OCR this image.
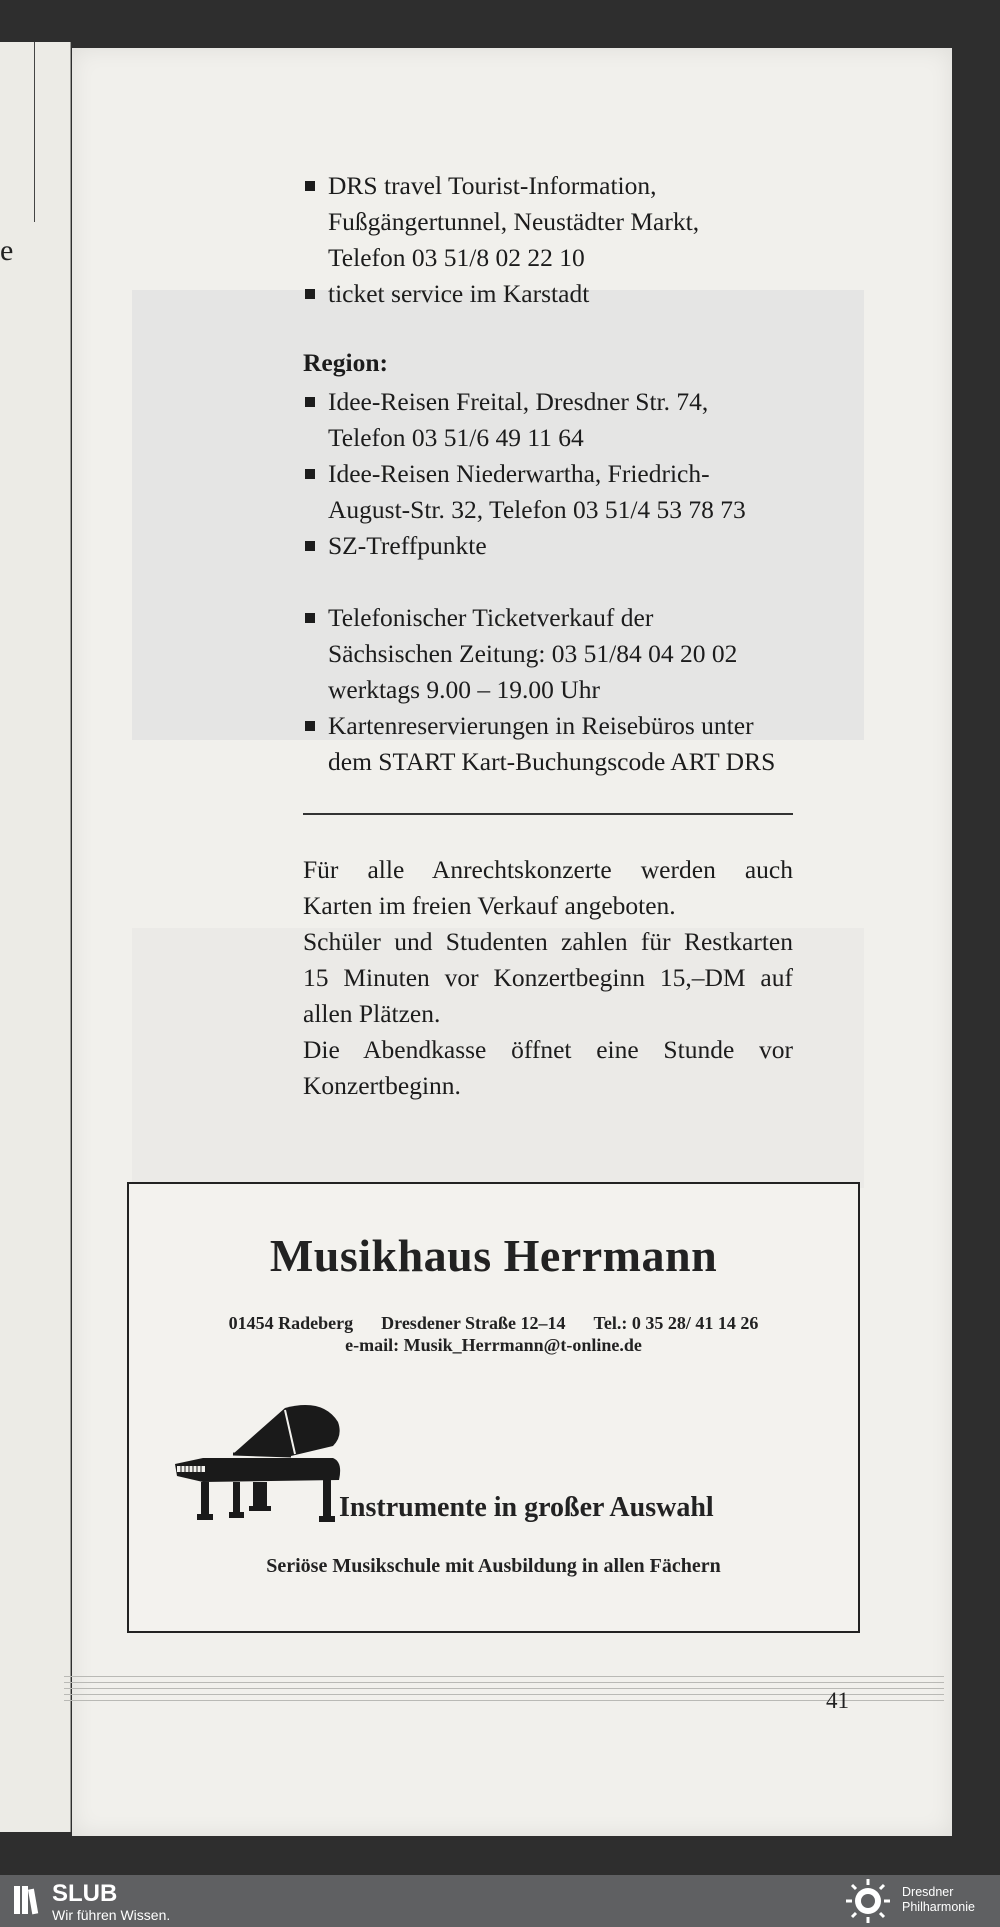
e
DRS travel Tourist-Information,
Fußgängertunnel, Neustädter Markt,
Telefon 03 51/8 02 22 10
ticket service im Karstadt
Region:
Idee-Reisen Freital, Dresdner Str. 74,
Telefon 03 51/6 49 11 64
Idee-Reisen Niederwartha, Friedrich-
August-Str. 32, Telefon 03 51/4 53 78 73
SZ-Treffpunkte
Telefonischer Ticketverkauf der
Sächsischen Zeitung: 03 51/84 04 20 02
werktags 9.00 – 19.00 Uhr
Kartenreservierungen in Reisebüros unter
dem START Kart-Buchungscode ART DRS

Für alle Anrechtskonzerte werden auch

Karten im freien Verkauf angeboten.

Schüler und Studenten zahlen für Restkarten

15 Minuten vor Konzertbeginn 15,–DM auf

allen Plätzen.

Die Abendkasse öffnet eine Stunde vor

Konzertbeginn.

Musikhaus Herrmann
01454 Radeberg Dresdener Straße 12–14 Tel.: 0 35 28/ 41 14 26
e-mail: Musik_Herrmann@t-online.de
Instrumente in großer Auswahl
Seriöse Musikschule mit Ausbildung in allen Fächern
41
SLUB
Wir führen Wissen.
Dresdner
Philharmonie
